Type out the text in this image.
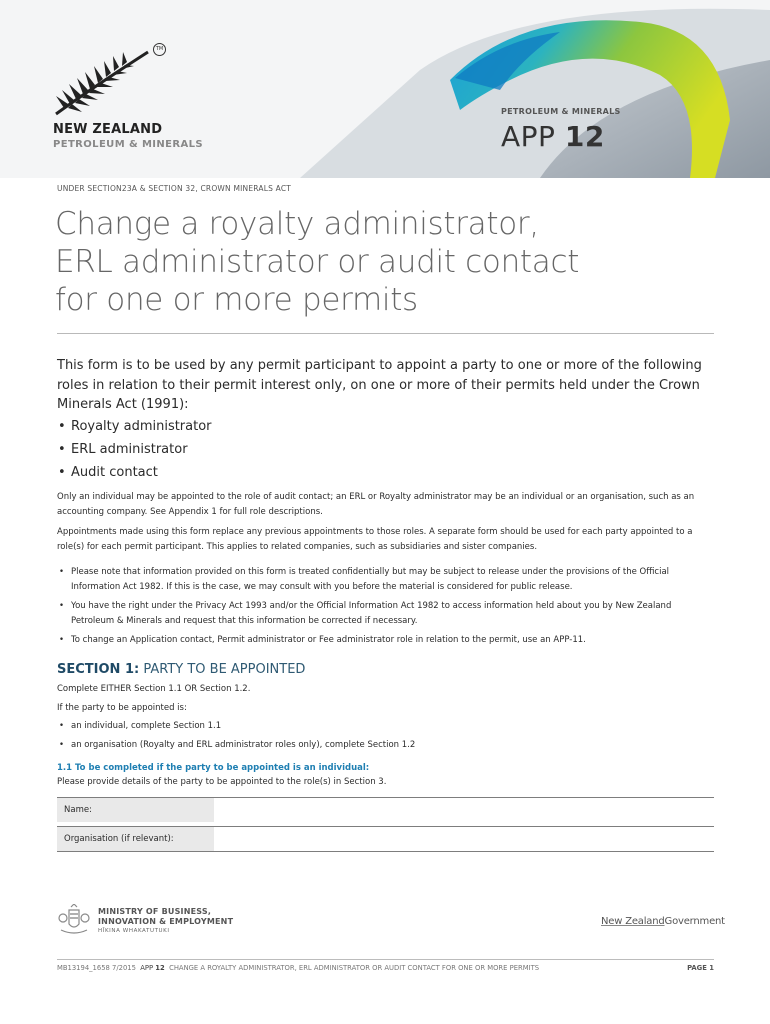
TM
NEW ZEALAND
PETROLEUM & MINERALS
PETROLEUM & MINERALS
APP 12
UNDER SECTION23A & SECTION 32, CROWN MINERALS ACT
Change a royalty administrator,
ERL administrator or audit contact
for one or more permits

This form is to be used by any permit participant to appoint a party to one or more of the following roles in relation to their permit interest only, on one or more of their permits held under the Crown Minerals Act (1991):

• Royalty administrator
• ERL administrator
• Audit contact

Only an individual may be appointed to the role of audit contact; an ERL or Royalty administrator may be an individual or an organisation, such as an accounting company. See Appendix 1 for full role descriptions.

Appointments made using this form replace any previous appointments to those roles. A separate form should be used for each party appointed to a role(s) for each permit participant. This applies to related companies, such as subsidiaries and sister companies.

• Please note that information provided on this form is treated confidentially but may be subject to release under the provisions of the Official Information Act 1982. If this is the case, we may consult with you before the material is considered for public release.
• You have the right under the Privacy Act 1993 and/or the Official Information Act 1982 to access information held about you by New Zealand Petroleum & Minerals and request that this information be corrected if necessary.
• To change an Application contact, Permit administrator or Fee administrator role in relation to the permit, use an APP-11.
SECTION 1: PARTY TO BE APPOINTED

Complete EITHER Section 1.1 OR Section 1.2.

If the party to be appointed is:

• an individual, complete Section 1.1
• an organisation (Royalty and ERL administrator roles only), complete Section 1.2
1.1 To be completed if the party to be appointed is an individual:

Please provide details of the party to be appointed to the role(s) in Section 3.

Name:
Organisation (if relevant):
MINISTRY OF BUSINESS,
INNOVATION & EMPLOYMENT
HĪKINA WHAKATUTUKI
New ZealandGovernment
MB13194_1658 7/2015 APP 12 CHANGE A ROYALTY ADMINISTRATOR, ERL ADMINISTRATOR OR AUDIT CONTACT FOR ONE OR MORE PERMITS	PAGE 1
